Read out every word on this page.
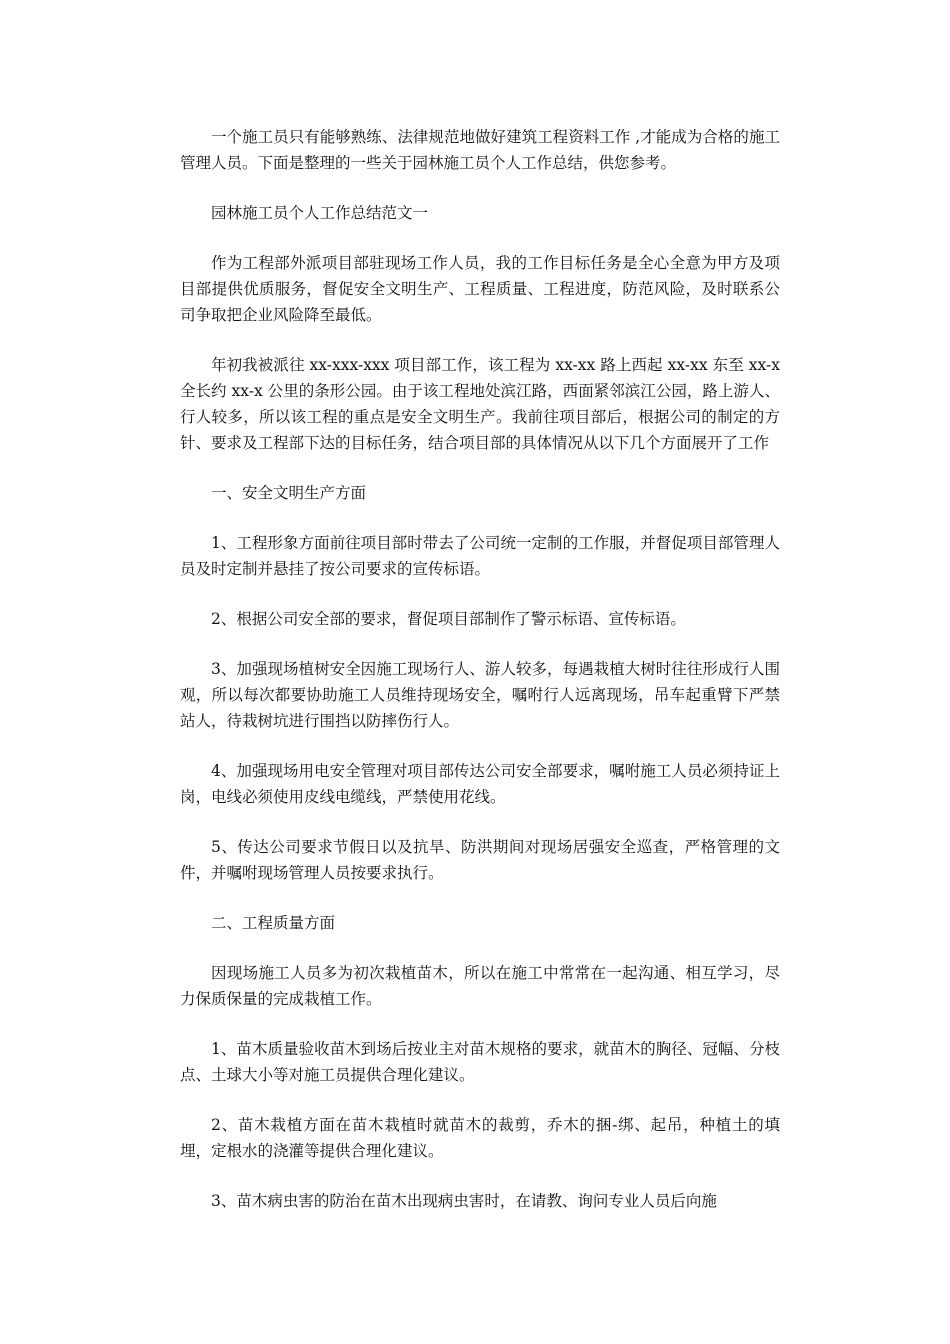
一个施工员只有能够熟练、法律规范地做好建筑工程资料工作 ,才能成为合格的施工管理人员。下面是整理的一些关于园林施工员个人工作总结，供您参考。

园林施工员个人工作总结范文一

作为工程部外派项目部驻现场工作人员，我的工作目标任务是全心全意为甲方及项目部提供优质服务，督促安全文明生产、工程质量、工程进度，防范风险，及时联系公司争取把企业风险降至最低。

年初我被派往 xx-xxx-xxx 项目部工作，该工程为 xx-xx 路上西起 xx-xx 东至 xx-x 全长约 xx-x 公里的条形公园。由于该工程地处滨江路，西面紧邻滨江公园，路上游人、行人较多，所以该工程的重点是安全文明生产。我前往项目部后，根据公司的制定的方针、要求及工程部下达的目标任务，结合项目部的具体情况从以下几个方面展开了工作

一、安全文明生产方面

1、工程形象方面前往项目部时带去了公司统一定制的工作服，并督促项目部管理人员及时定制并悬挂了按公司要求的宣传标语。

2、根据公司安全部的要求，督促项目部制作了警示标语、宣传标语。

3、加强现场植树安全因施工现场行人、游人较多，每遇栽植大树时往往形成行人围观，所以每次都要协助施工人员维持现场安全，嘱咐行人远离现场，吊车起重臂下严禁站人，待栽树坑进行围挡以防摔伤行人。

4、加强现场用电安全管理对项目部传达公司安全部要求，嘱咐施工人员必须持证上岗，电线必须使用皮线电缆线，严禁使用花线。

5、传达公司要求节假日以及抗旱、防洪期间对现场居强安全巡查，严格管理的文件，并嘱咐现场管理人员按要求执行。

二、工程质量方面

因现场施工人员多为初次栽植苗木，所以在施工中常常在一起沟通、相互学习，尽力保质保量的完成栽植工作。

1、苗木质量验收苗木到场后按业主对苗木规格的要求，就苗木的胸径、冠幅、分枝点、土球大小等对施工员提供合理化建议。

2、苗木栽植方面在苗木栽植时就苗木的裁剪，乔木的捆-绑、起吊，种植土的填埋，定根水的浇灌等提供合理化建议。

3、苗木病虫害的防治在苗木出现病虫害时，在请教、询问专业人员后向施
